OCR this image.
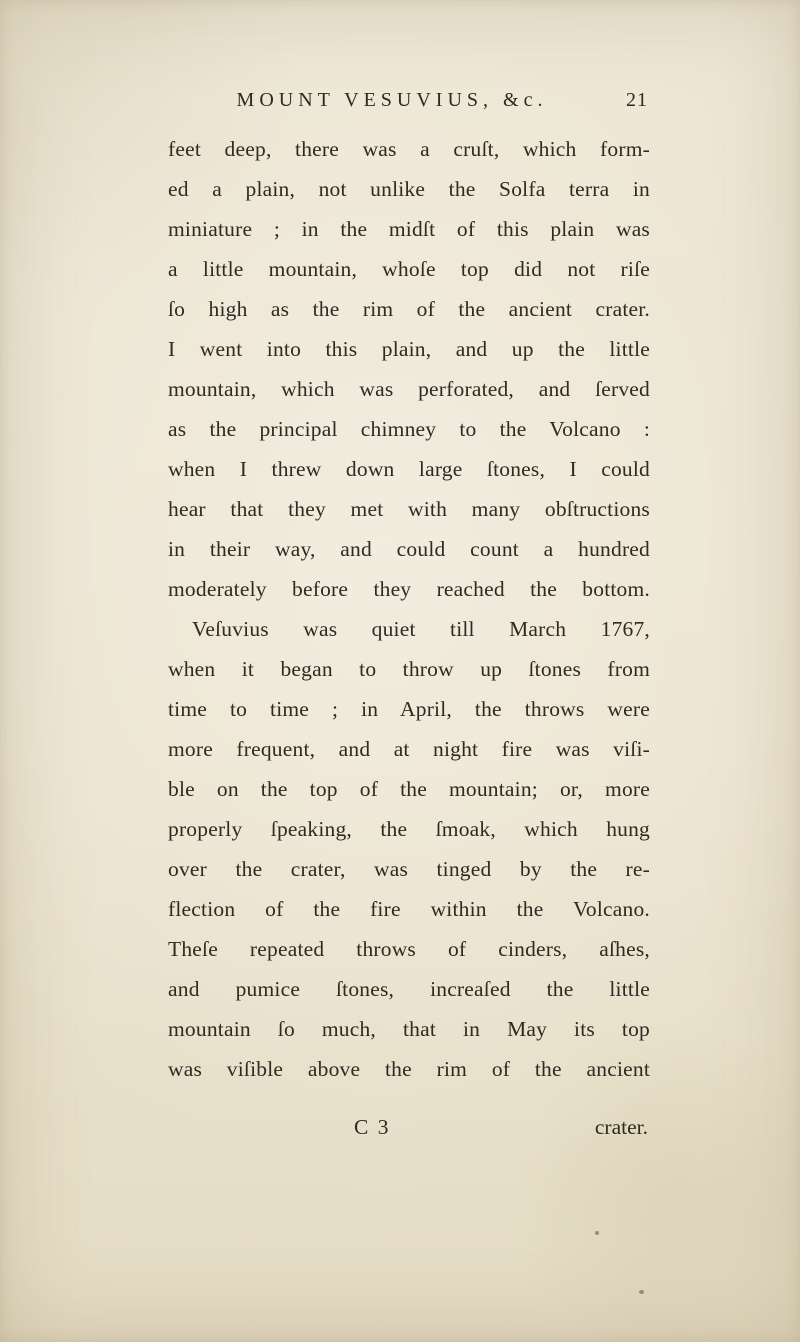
MOUNT VESUVIUS, &c.	21
feet deep, there was a cruſt, which form-
ed a plain, not unlike the Solfa terra in
miniature ; in the midſt of this plain was
a little mountain, whoſe top did not riſe
ſo high as the rim of the ancient crater.
I went into this plain, and up the little
mountain, which was perforated, and ſerved
as the principal chimney to the Volcano :
when I threw down large ſtones, I could
hear that they met with many obſtructions
in their way, and could count a hundred
moderately before they reached the bottom.
Veſuvius was quiet till March 1767,
when it began to throw up ſtones from
time to time ; in April, the throws were
more frequent, and at night fire was viſi-
ble on the top of the mountain; or, more
properly ſpeaking, the ſmoak, which hung
over the crater, was tinged by the re-
flection of the fire within the Volcano.
Theſe repeated throws of cinders, aſhes,
and pumice ſtones, increaſed the little
mountain ſo much, that in May its top
was viſible above the rim of the ancient
C 3	crater.
